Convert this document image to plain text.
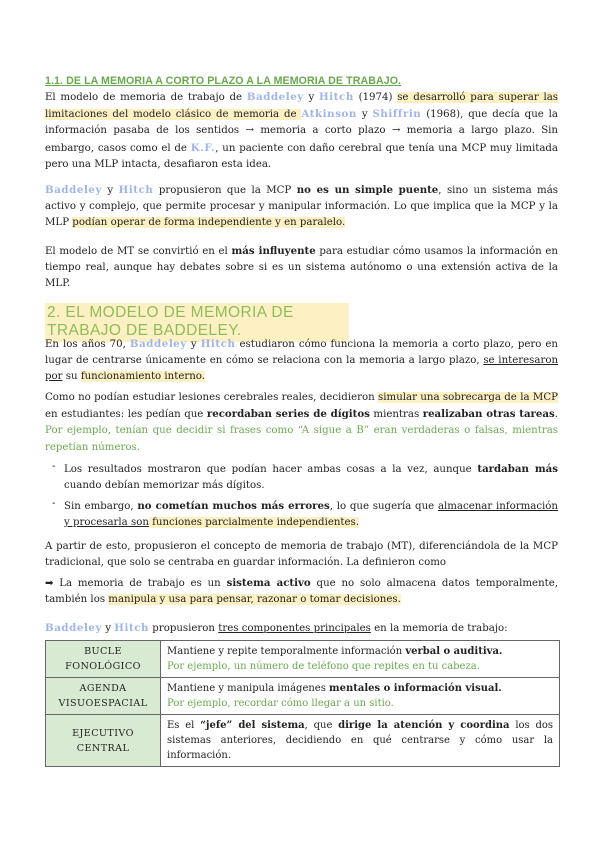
1.1. DE LA MEMORIA A CORTO PLAZO A LA MEMORIA DE TRABAJO.
El modelo de memoria de trabajo de Baddeley y Hitch (1974) se desarrolló para superar las limitaciones del modelo clásico de memoria de Atkinson y Shiffrin (1968), que decía que la información pasaba de los sentidos → memoria a corto plazo → memoria a largo plazo. Sin embargo, casos como el de K.F., un paciente con daño cerebral que tenía una MCP muy limitada pero una MLP intacta, desafiaron esta idea.
Baddeley y Hitch propusieron que la MCP no es un simple puente, sino un sistema más activo y complejo, que permite procesar y manipular información. Lo que implica que la MCP y la MLP podían operar de forma independiente y en paralelo.
El modelo de MT se convirtió en el más influyente para estudiar cómo usamos la información en tiempo real, aunque hay debates sobre si es un sistema autónomo o una extensión activa de la MLP.
2. EL MODELO DE MEMORIA DE TRABAJO DE BADDELEY.
En los años 70, Baddeley y Hitch estudiaron cómo funciona la memoria a corto plazo, pero en lugar de centrarse únicamente en cómo se relaciona con la memoria a largo plazo, se interesaron por su funcionamiento interno.
Como no podían estudiar lesiones cerebrales reales, decidieron simular una sobrecarga de la MCP en estudiantes: les pedían que recordaban series de dígitos mientras realizaban otras tareas. Por ejemplo, tenían que decidir si frases como “A sigue a B” eran verdaderas o falsas, mientras repetían números.
- Los resultados mostraron que podían hacer ambas cosas a la vez, aunque tardaban más cuando debían memorizar más dígitos.
- Sin embargo, no cometían muchos más errores, lo que sugería que almacenar información y procesarla son funciones parcialmente independientes.
A partir de esto, propusieron el concepto de memoria de trabajo (MT), diferenciándola de la MCP tradicional, que solo se centraba en guardar información. La definieron como
➡ La memoria de trabajo es un sistema activo que no solo almacena datos temporalmente, también los manipula y usa para pensar, razonar o tomar decisiones.
Baddeley y Hitch propusieron tres componentes principales en la memoria de trabajo:
BUCLE FONOLÓGICO	Mantiene y repite temporalmente información verbal o auditiva.
Por ejemplo, un número de teléfono que repites en tu cabeza.
AGENDA VISUOESPACIAL	Mantiene y manipula imágenes mentales o información visual.
Por ejemplo, recordar cómo llegar a un sitio.
EJECUTIVO CENTRAL	Es el “jefe” del sistema, que dirige la atención y coordina los dos sistemas anteriores, decidiendo en qué centrarse y cómo usar la información.
